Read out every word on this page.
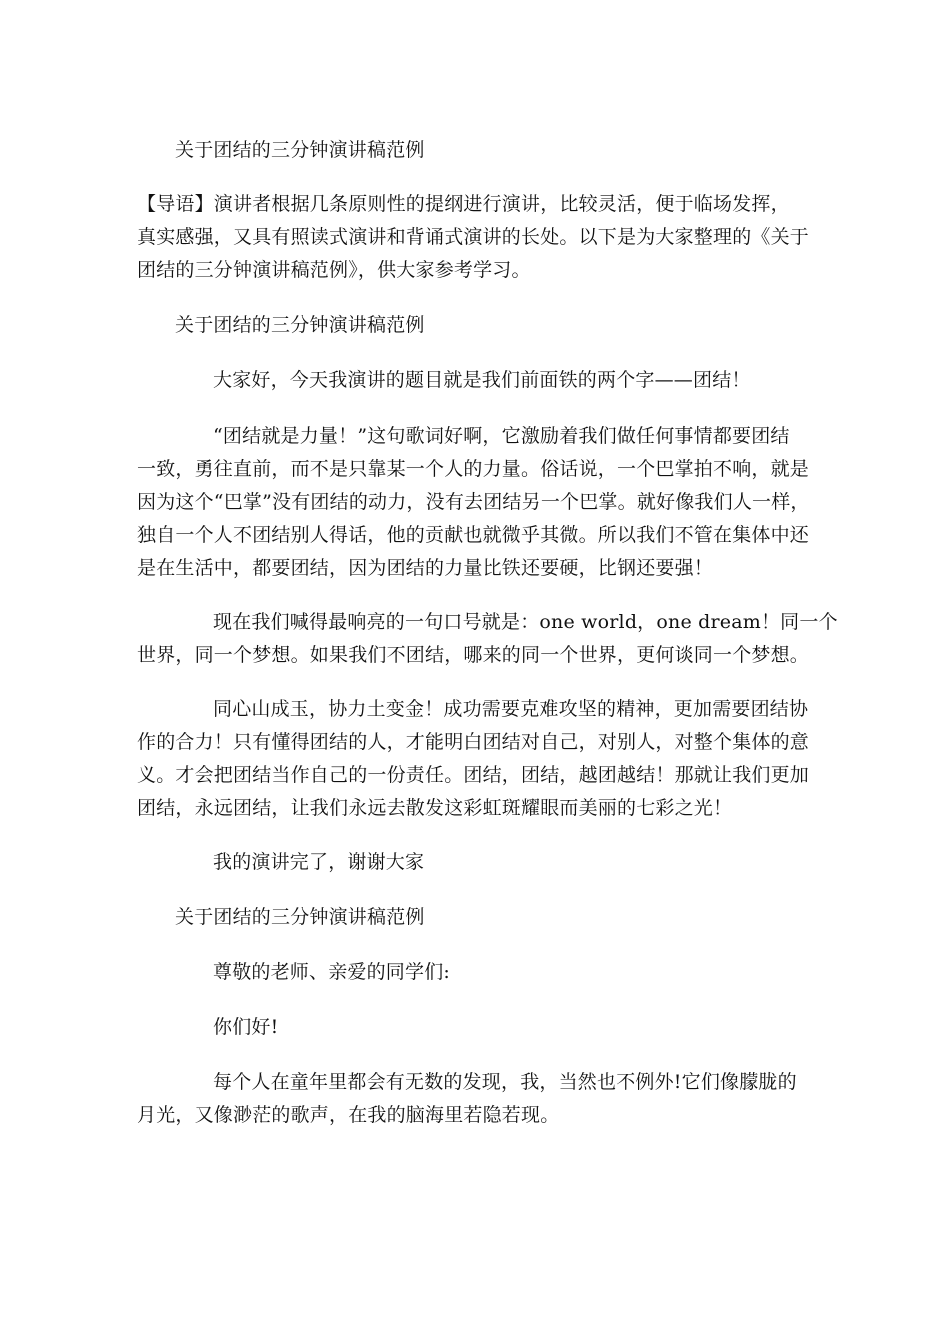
关于团结的三分钟演讲稿范例
【导语】演讲者根据几条原则性的提纲进行演讲，比较灵活，便于临场发挥，
真实感强，又具有照读式演讲和背诵式演讲的长处。以下是为大家整理的《关于
团结的三分钟演讲稿范例》，供大家参考学习。
关于团结的三分钟演讲稿范例
大家好，今天我演讲的题目就是我们前面铁的两个字——团结！
“团结就是力量！”这句歌词好啊，它激励着我们做任何事情都要团结
一致，勇往直前，而不是只靠某一个人的力量。俗话说，一个巴掌拍不响，就是
因为这个“巴掌”没有团结的动力，没有去团结另一个巴掌。就好像我们人一样，
独自一个人不团结别人得话，他的贡献也就微乎其微。所以我们不管在集体中还
是在生活中，都要团结，因为团结的力量比铁还要硬，比钢还要强！
现在我们喊得最响亮的一句口号就是：one world，one dream！同一个
世界，同一个梦想。如果我们不团结，哪来的同一个世界，更何谈同一个梦想。
同心山成玉，协力土变金！成功需要克难攻坚的精神，更加需要团结协
作的合力！只有懂得团结的人，才能明白团结对自己，对别人，对整个集体的意
义。才会把团结当作自己的一份责任。团结，团结，越团越结！那就让我们更加
团结，永远团结，让我们永远去散发这彩虹斑耀眼而美丽的七彩之光！
我的演讲完了，谢谢大家
关于团结的三分钟演讲稿范例
尊敬的老师、亲爱的同学们:
你们好!
每个人在童年里都会有无数的发现，我，当然也不例外!它们像朦胧的
月光，又像渺茫的歌声，在我的脑海里若隐若现。
